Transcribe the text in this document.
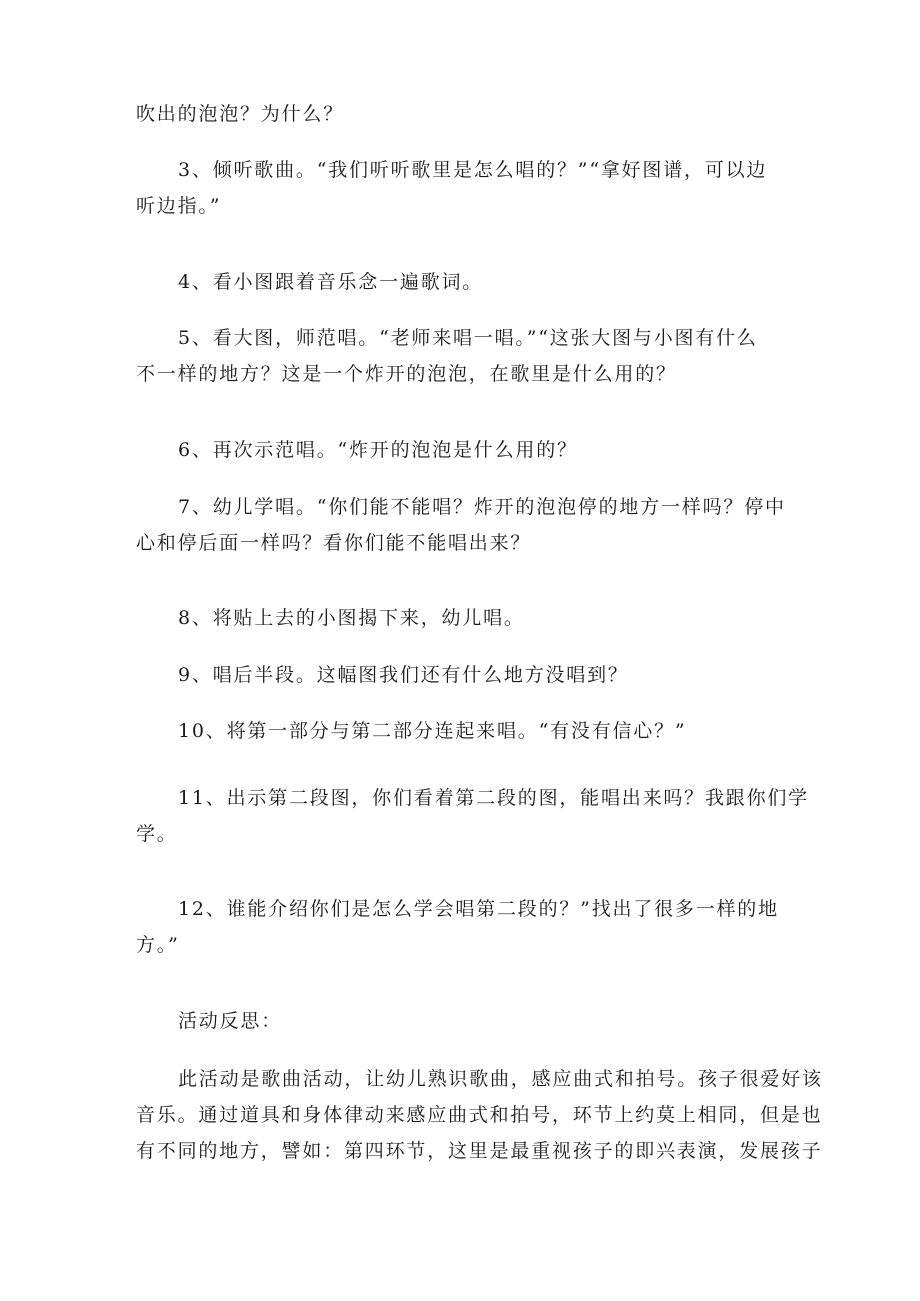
吹出的泡泡？为什么？

3、倾听歌曲。“我们听听歌里是怎么唱的？”“拿好图谱，可以边
听边指。”

4、看小图跟着音乐念一遍歌词。

5、看大图，师范唱。“老师来唱一唱。”“这张大图与小图有什么
不一样的地方？这是一个炸开的泡泡，在歌里是什么用的？

6、再次示范唱。“炸开的泡泡是什么用的？

7、幼儿学唱。“你们能不能唱？炸开的泡泡停的地方一样吗？停中
心和停后面一样吗？看你们能不能唱出来？

8、将贴上去的小图揭下来，幼儿唱。

9、唱后半段。这幅图我们还有什么地方没唱到？

10、将第一部分与第二部分连起来唱。“有没有信心？”

11、出示第二段图，你们看着第二段的图，能唱出来吗？我跟你们学
学。

12、谁能介绍你们是怎么学会唱第二段的？”找出了很多一样的地
方。”

活动反思：

此活动是歌曲活动，让幼儿熟识歌曲，感应曲式和拍号。孩子很爱好该
音乐。通过道具和身体律动来感应曲式和拍号，环节上约莫上相同，但是也
有不同的地方，譬如：第四环节，这里是最重视孩子的即兴表演，发展孩子
